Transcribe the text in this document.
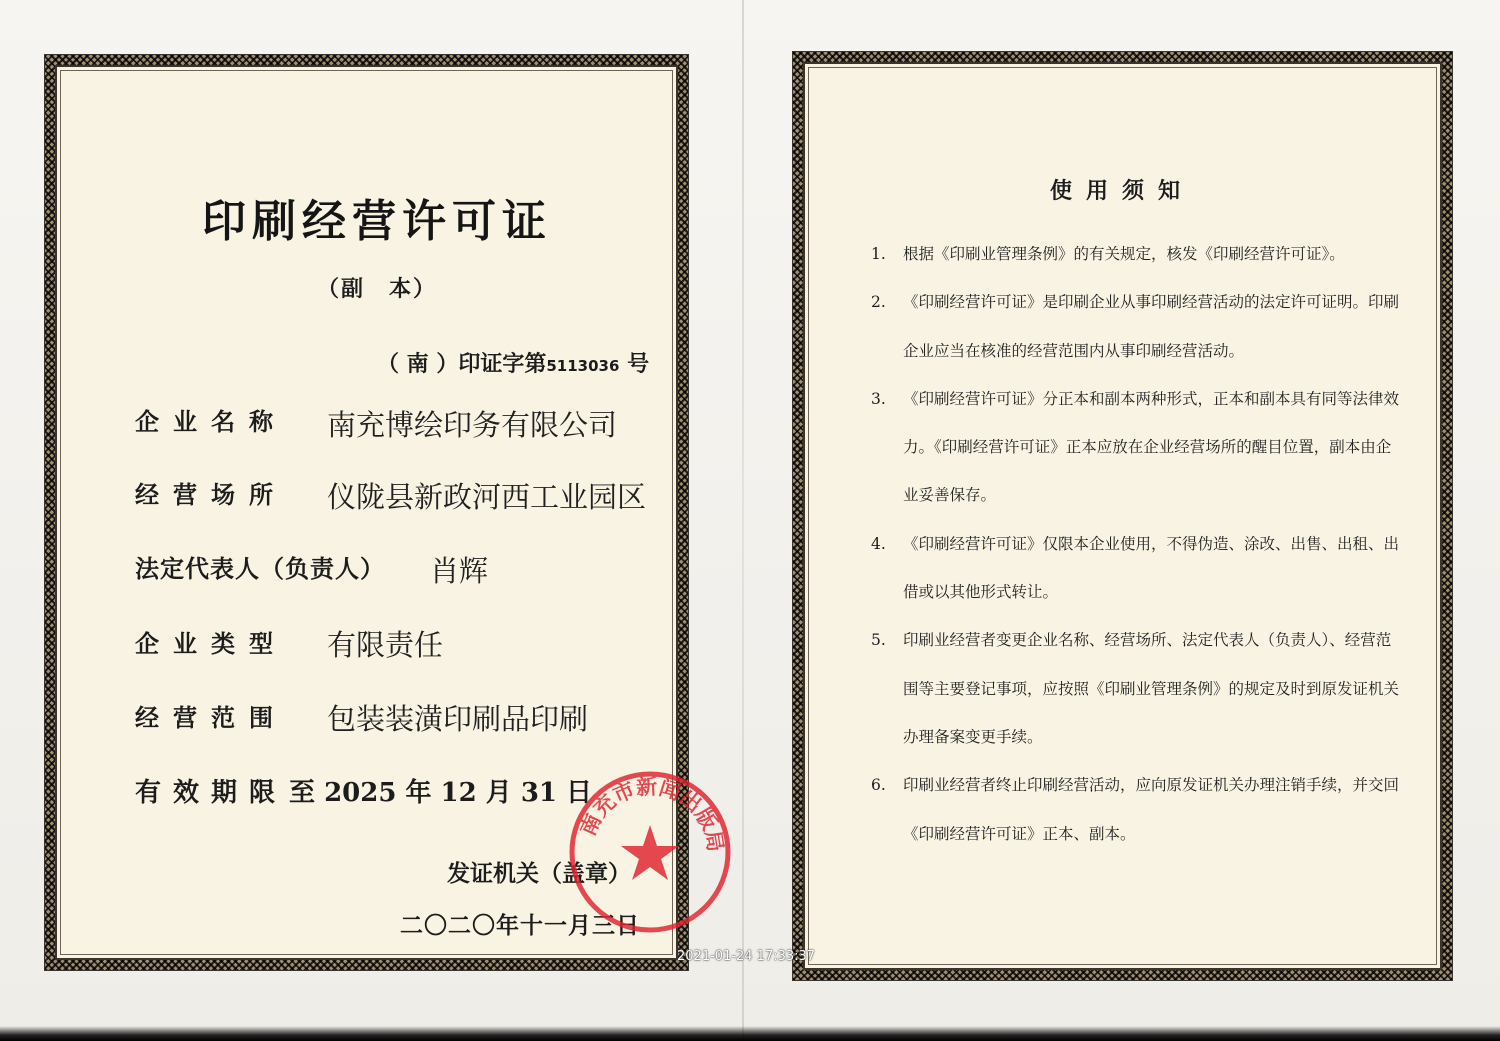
印刷经营许可证
（副　本）
（ 南 ）印证字第5113036 号
企业名称 南充博绘印务有限公司
经营场所 仪陇县新政河西工业园区
法定代表人（负责人） 肖辉
企业类型 有限责任
经营范围 包装装潢印刷品印刷
有效期限至 2025 年 12 月 31 日
发证机关（盖章）
二〇二〇年十一月三日
南充市新闻出版局
使用须知
1. 根据《印刷业管理条例》的有关规定，核发《印刷经营许可证》。
2. 《印刷经营许可证》是印刷企业从事印刷经营活动的法定许可证明。印刷企业应当在核准的经营范围内从事印刷经营活动。
3. 《印刷经营许可证》分正本和副本两种形式，正本和副本具有同等法律效力。《印刷经营许可证》正本应放在企业经营场所的醒目位置，副本由企业妥善保存。
4. 《印刷经营许可证》仅限本企业使用，不得伪造、涂改、出售、出租、出借或以其他形式转让。
5. 印刷业经营者变更企业名称、经营场所、法定代表人（负责人）、经营范围等主要登记事项，应按照《印刷业管理条例》的规定及时到原发证机关办理备案变更手续。
6. 印刷业经营者终止印刷经营活动，应向原发证机关办理注销手续，并交回《印刷经营许可证》正本、副本。
2021-01-24 17:33:37
